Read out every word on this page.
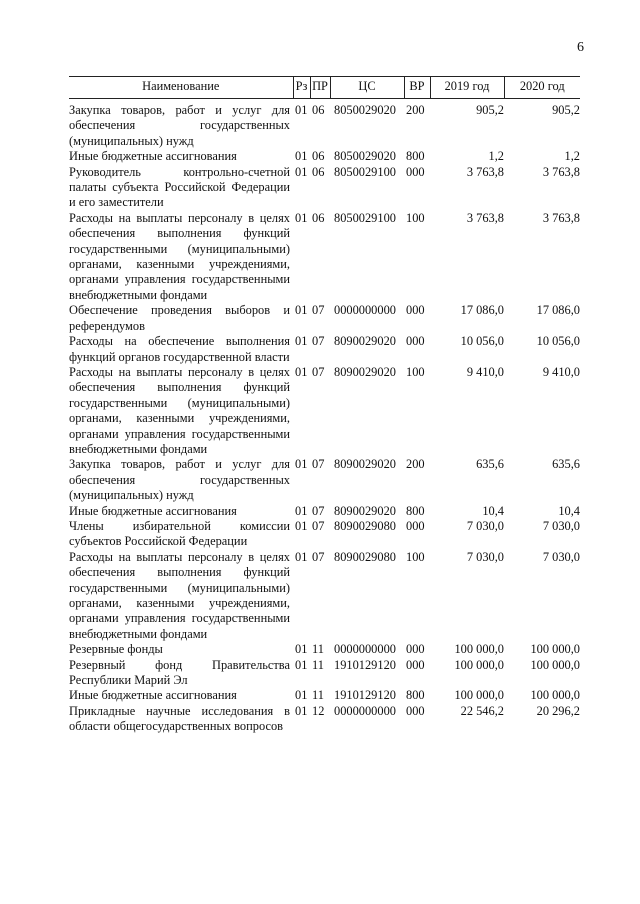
6
Наименование	Рз	ПР	ЦС	ВР	2019 год	2020 год
Закупка товаров, работ и услуг для обеспечения государственных (муниципальных) нужд	01	06	8050029020	200	905,2	905,2
Иные бюджетные ассигнования	01	06	8050029020	800	1,2	1,2
Руководитель контрольно-счетной палаты субъекта Российской Федерации и его заместители	01	06	8050029100	000	3 763,8	3 763,8
Расходы на выплаты персоналу в целях обеспечения выполнения функций государственными (муниципальными) органами, казенными учреждениями, органами управления государственными внебюджетными фондами	01	06	8050029100	100	3 763,8	3 763,8
Обеспечение проведения выборов и референдумов	01	07	0000000000	000	17 086,0	17 086,0
Расходы на обеспечение выполнения функций органов государственной власти	01	07	8090029020	000	10 056,0	10 056,0
Расходы на выплаты персоналу в целях обеспечения выполнения функций государственными (муниципальными) органами, казенными учреждениями, органами управления государственными внебюджетными фондами	01	07	8090029020	100	9 410,0	9 410,0
Закупка товаров, работ и услуг для обеспечения государственных (муниципальных) нужд	01	07	8090029020	200	635,6	635,6
Иные бюджетные ассигнования	01	07	8090029020	800	10,4	10,4
Члены избирательной комиссии субъектов Российской Федерации	01	07	8090029080	000	7 030,0	7 030,0
Расходы на выплаты персоналу в целях обеспечения выполнения функций государственными (муниципальными) органами, казенными учреждениями, органами управления государственными внебюджетными фондами	01	07	8090029080	100	7 030,0	7 030,0
Резервные фонды	01	11	0000000000	000	100 000,0	100 000,0
Резервный фонд Правительства Республики Марий Эл	01	11	1910129120	000	100 000,0	100 000,0
Иные бюджетные ассигнования	01	11	1910129120	800	100 000,0	100 000,0
Прикладные научные исследования в области общегосударственных вопросов	01	12	0000000000	000	22 546,2	20 296,2
